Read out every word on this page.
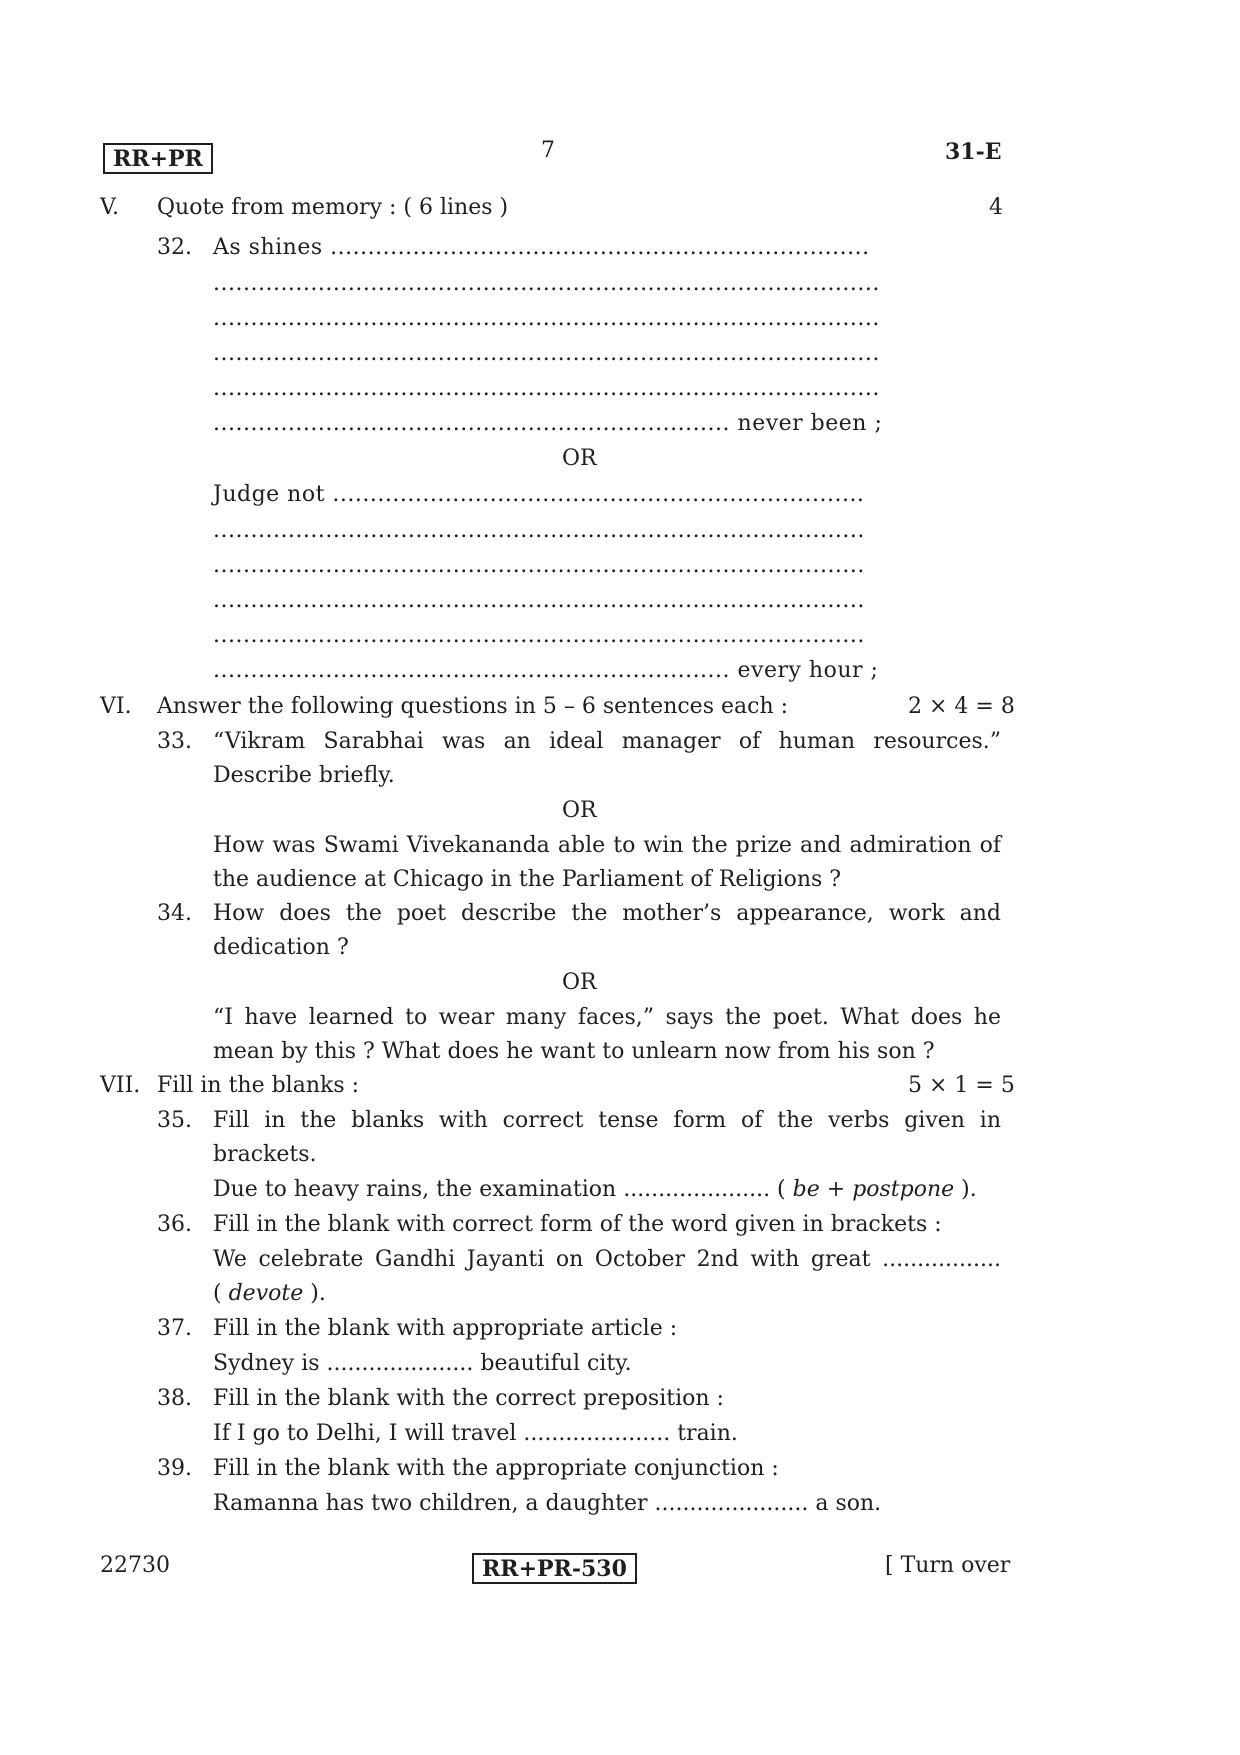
RR+PR	7	31-E
V. Quote from memory : ( 6 lines )	4
32. As shines ........................................................................
.........................................................................................
.........................................................................................
.........................................................................................
.........................................................................................
..................................................................... never been ;
OR
Judge not .......................................................................
.......................................................................................
.......................................................................................
.......................................................................................
.......................................................................................
..................................................................... every hour ;
VI. Answer the following questions in 5 – 6 sentences each :	2 × 4 = 8
33. “Vikram Sarabhai was an ideal manager of human resources.”
Describe briefly.
OR
How was Swami Vivekananda able to win the prize and admiration of
the audience at Chicago in the Parliament of Religions ?
34. How does the poet describe the mother’s appearance, work and
dedication ?
OR
“I have learned to wear many faces,” says the poet. What does he
mean by this ? What does he want to unlearn now from his son ?
VII. Fill in the blanks :	5 × 1 = 5
35. Fill in the blanks with correct tense form of the verbs given in
brackets.
Due to heavy rains, the examination ..................... ( be + postpone ).
36. Fill in the blank with correct form of the word given in brackets :
We celebrate Gandhi Jayanti on October 2nd with great .................
( devote ).
37. Fill in the blank with appropriate article :
Sydney is ..................... beautiful city.
38. Fill in the blank with the correct preposition :
If I go to Delhi, I will travel ..................... train.
39. Fill in the blank with the appropriate conjunction :
Ramanna has two children, a daughter ...................... a son.
22730	RR+PR-530	[ Turn over
